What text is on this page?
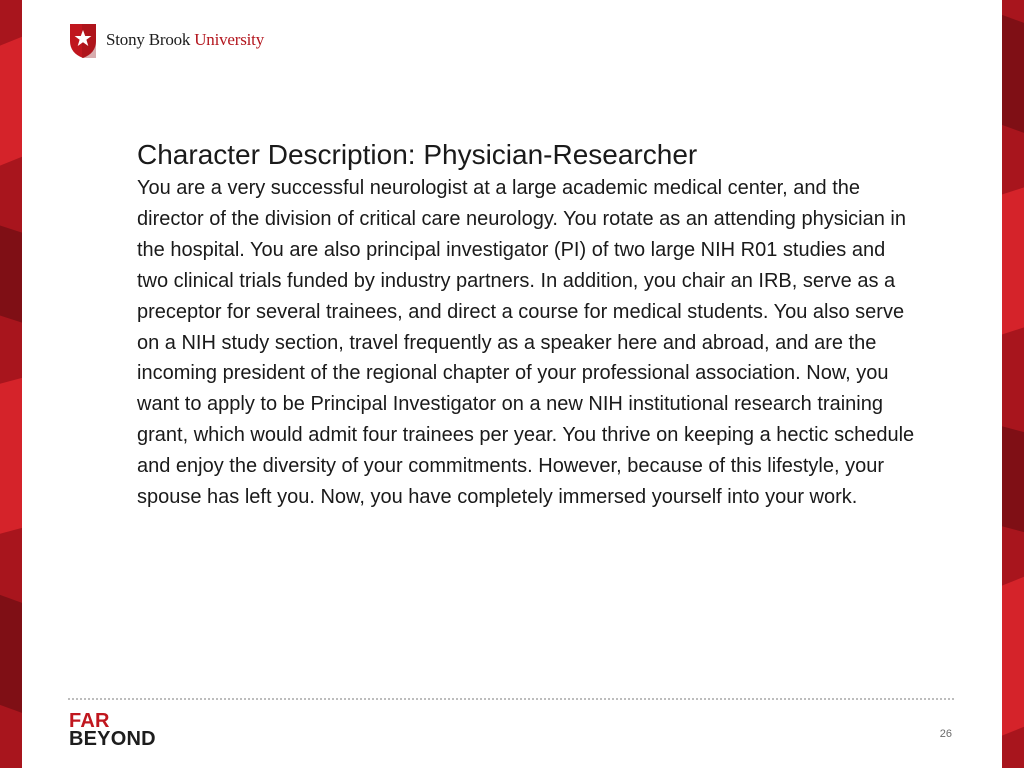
Stony Brook University
Character Description: Physician-Researcher

You are a very successful neurologist at a large academic medical center, and the director of the division of critical care neurology. You rotate as an attending physician in the hospital. You are also principal investigator (PI) of two large NIH R01 studies and two clinical trials funded by industry partners. In addition, you chair an IRB, serve as a preceptor for several trainees, and direct a course for medical students. You also serve on a NIH study section, travel frequently as a speaker here and abroad, and are the incoming president of the regional chapter of your professional association. Now, you want to apply to be Principal Investigator on a new NIH institutional research training grant, which would admit four trainees per year. You thrive on keeping a hectic schedule and enjoy the diversity of your commitments. However, because of this lifestyle, your spouse has left you. Now, you have completely immersed yourself into your work.

FAR
BEYOND	26
